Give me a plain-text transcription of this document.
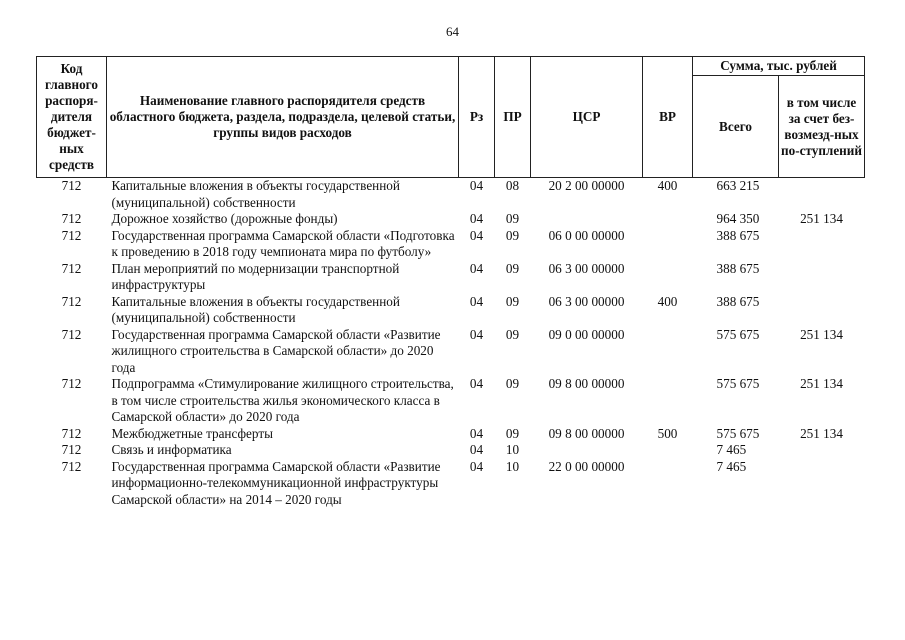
64
Код главного распоря-дителя бюджет-ных средств	Наименование главного распорядителя средств областного бюджета, раздела, подраздела, целевой статьи, группы видов расходов	Рз	ПР	ЦСР	ВР	Сумма, тыс. рублей	
						Всего	в том числе за счет без-возмезд-ных по-ступлений
712	Капитальные вложения в объекты государственной (муниципальной) собственности	04	08	20 2 00 00000	400	663 215	
712	Дорожное хозяйство (дорожные фонды)	04	09			964 350	251 134
712	Государственная программа Самарской области «Подготовка к проведению в 2018 году чемпионата мира по футболу»	04	09	06 0 00 00000		388 675	
712	План мероприятий по модернизации транспортной инфраструктуры	04	09	06 3 00 00000		388 675	
712	Капитальные вложения в объекты государственной (муниципальной) собственности	04	09	06 3 00 00000	400	388 675	
712	Государственная программа Самарской области «Развитие жилищного строительства в Самарской области» до 2020 года	04	09	09 0 00 00000		575 675	251 134
712	Подпрограмма «Стимулирование жилищного строительства, в том числе строительства жилья экономического класса в Самарской области» до 2020 года	04	09	09 8 00 00000		575 675	251 134
712	Межбюджетные трансферты	04	09	09 8 00 00000	500	575 675	251 134
712	Связь и информатика	04	10			7 465	
712	Государственная программа Самарской области «Развитие информационно-телекоммуникационной инфраструктуры Самарской области» на 2014 – 2020 годы	04	10	22 0 00 00000		7 465	
